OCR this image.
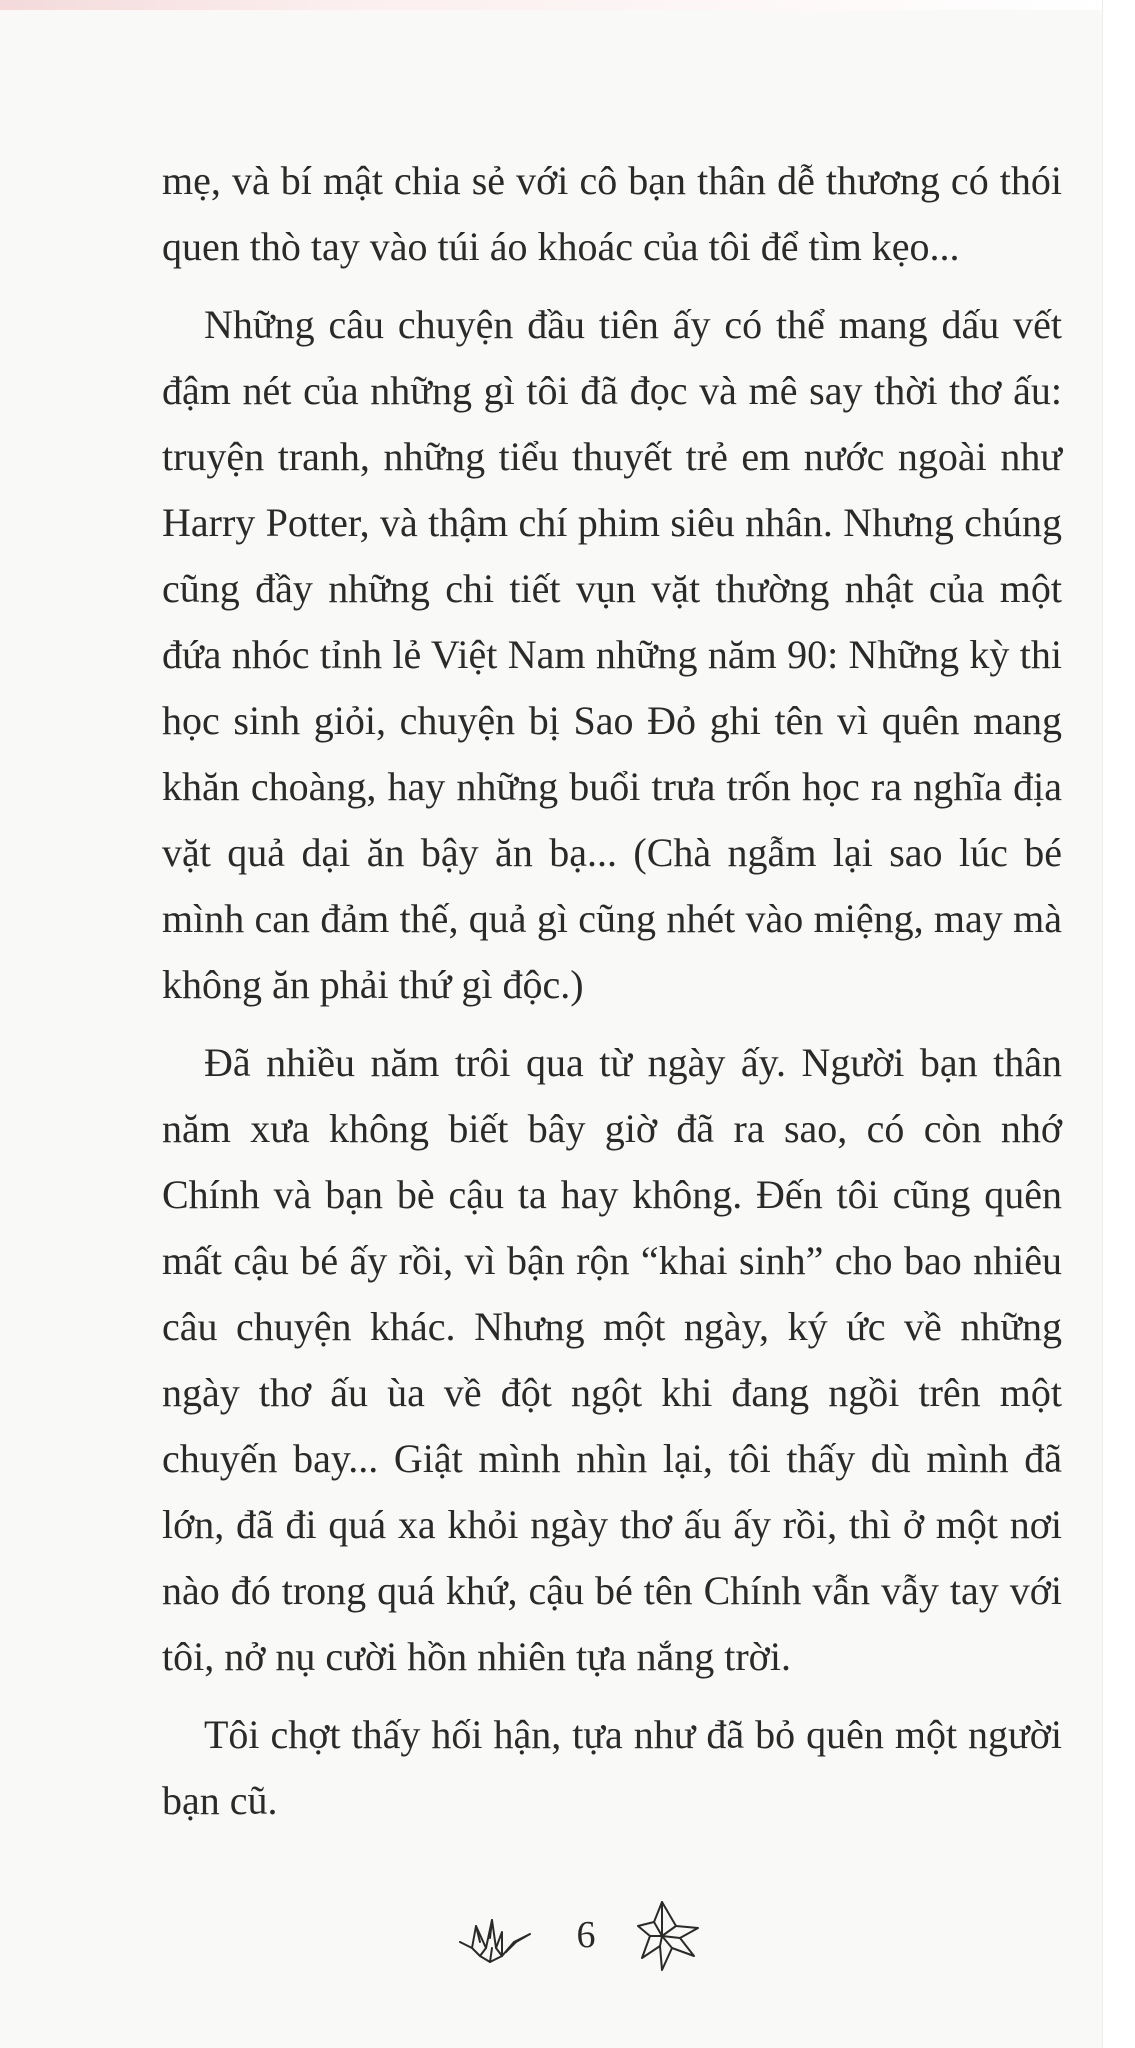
mẹ, và bí mật chia sẻ với cô bạn thân dễ thương có thói quen thò tay vào túi áo khoác của tôi để tìm kẹo...

Những câu chuyện đầu tiên ấy có thể mang dấu vết đậm nét của những gì tôi đã đọc và mê say thời thơ ấu: truyện tranh, những tiểu thuyết trẻ em nước ngoài như Harry Potter, và thậm chí phim siêu nhân. Nhưng chúng cũng đầy những chi tiết vụn vặt thường nhật của một đứa nhóc tỉnh lẻ Việt Nam những năm 90: Những kỳ thi học sinh giỏi, chuyện bị Sao Đỏ ghi tên vì quên mang khăn choàng, hay những buổi trưa trốn học ra nghĩa địa vặt quả dại ăn bậy ăn bạ... (Chà ngẫm lại sao lúc bé mình can đảm thế, quả gì cũng nhét vào miệng, may mà không ăn phải thứ gì độc.)

Đã nhiều năm trôi qua từ ngày ấy. Người bạn thân năm xưa không biết bây giờ đã ra sao, có còn nhớ Chính và bạn bè cậu ta hay không. Đến tôi cũng quên mất cậu bé ấy rồi, vì bận rộn “khai sinh” cho bao nhiêu câu chuyện khác. Nhưng một ngày, ký ức về những ngày thơ ấu ùa về đột ngột khi đang ngồi trên một chuyến bay... Giật mình nhìn lại, tôi thấy dù mình đã lớn, đã đi quá xa khỏi ngày thơ ấu ấy rồi, thì ở một nơi nào đó trong quá khứ, cậu bé tên Chính vẫn vẫy tay với tôi, nở nụ cười hồn nhiên tựa nắng trời.

Tôi chợt thấy hối hận, tựa như đã bỏ quên một người bạn cũ.

6
